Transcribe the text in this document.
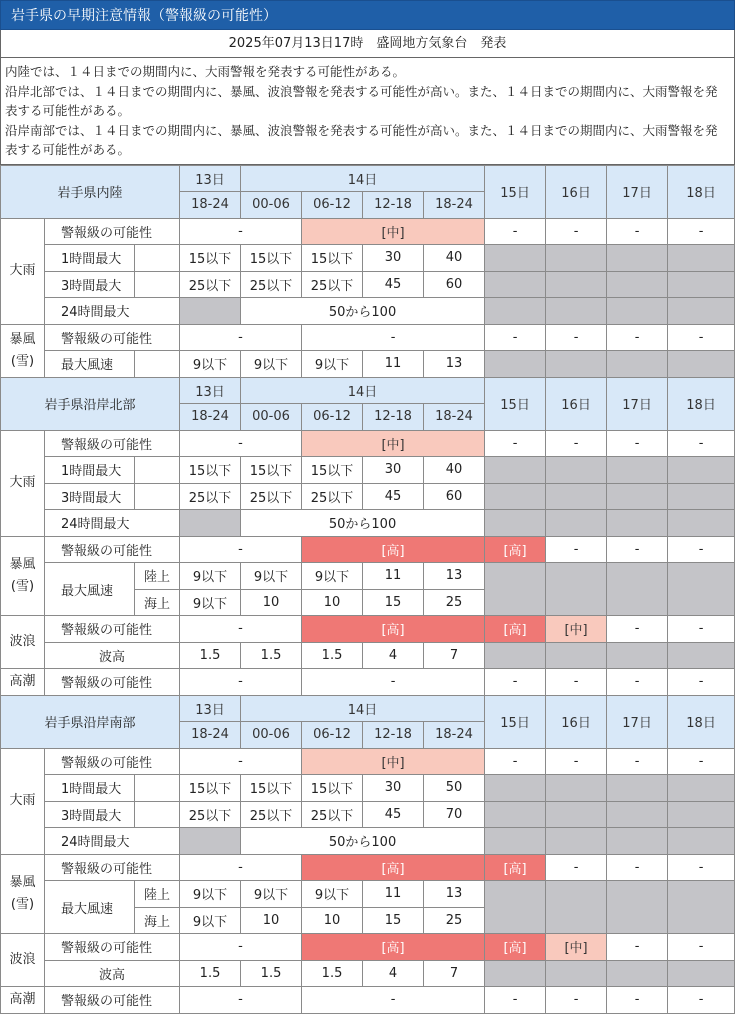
岩手県の早期注意情報（警報級の可能性）
2025年07月13日17時　盛岡地方気象台　発表

内陸では、１４日までの期間内に、大雨警報を発表する可能性がある。

沿岸北部では、１４日までの期間内に、暴風、波浪警報を発表する可能性が高い。また、１４日までの期間内に、大雨警報を発表する可能性がある。

沿岸南部では、１４日までの期間内に、暴風、波浪警報を発表する可能性が高い。また、１４日までの期間内に、大雨警報を発表する可能性がある。

岩手県内陸			13日	14日				15日	16日	17日	18日
			18-24	00-06	06-12	12-18	18-24				
大雨	警報級の可能性		-		[中]			-	-	-	-
	1時間最大		15以下	15以下	15以下	30	40				
	3時間最大		25以下	25以下	25以下	45	60				
	24時間最大			50から100							
暴風
(雪)	警報級の可能性		-		-			-	-	-	-
	最大風速		9以下	9以下	9以下	11	13				
岩手県沿岸北部			13日	14日				15日	16日	17日	18日
			18-24	00-06	06-12	12-18	18-24				
大雨	警報級の可能性		-		[中]			-	-	-	-
	1時間最大		15以下	15以下	15以下	30	40				
	3時間最大		25以下	25以下	25以下	45	60				
	24時間最大			50から100							
暴風
(雪)	警報級の可能性		-		[高]			[高]	-	-	-
	最大風速	陸上	9以下	9以下	9以下	11	13				
		海上	9以下	10	10	15	25				
波浪	警報級の可能性		-		[高]			[高]	[中]	-	-
	波高		1.5	1.5	1.5	4	7				
高潮	警報級の可能性		-		-			-	-	-	-
岩手県沿岸南部			13日	14日				15日	16日	17日	18日
			18-24	00-06	06-12	12-18	18-24				
大雨	警報級の可能性		-		[中]			-	-	-	-
	1時間最大		15以下	15以下	15以下	30	50				
	3時間最大		25以下	25以下	25以下	45	70				
	24時間最大			50から100							
暴風
(雪)	警報級の可能性		-		[高]			[高]	-	-	-
	最大風速	陸上	9以下	9以下	9以下	11	13				
		海上	9以下	10	10	15	25				
波浪	警報級の可能性		-		[高]			[高]	[中]	-	-
	波高		1.5	1.5	1.5	4	7				
高潮	警報級の可能性		-		-			-	-	-	-
